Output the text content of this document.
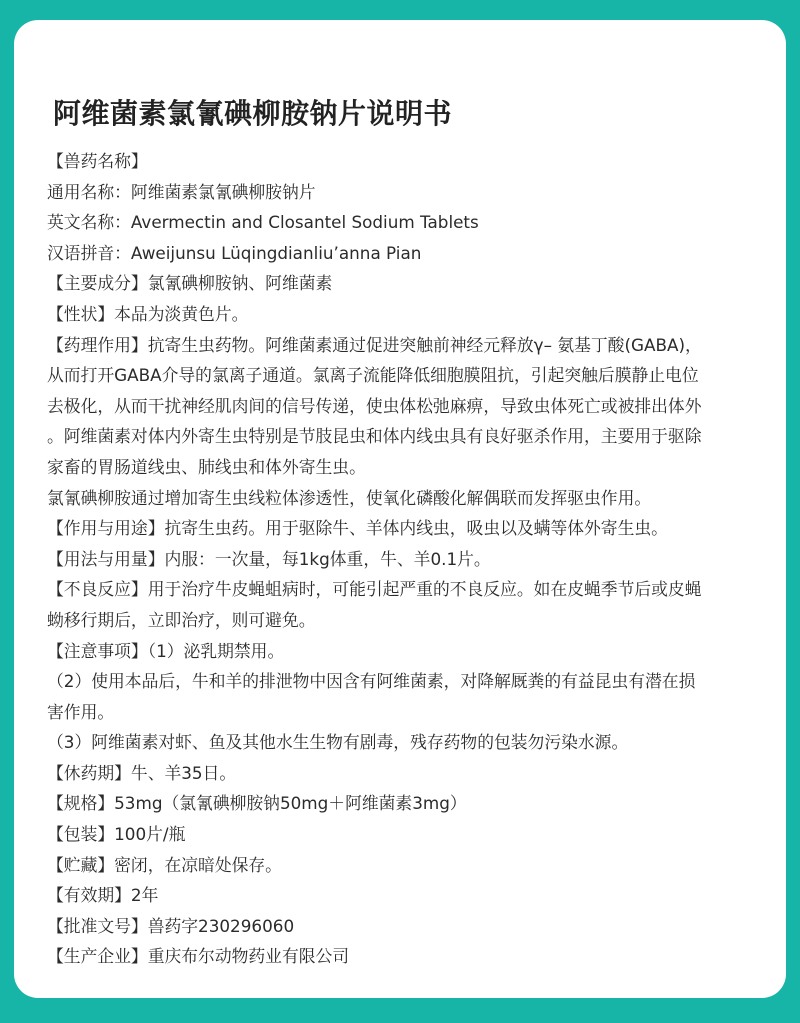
阿维菌素氯氰碘柳胺钠片说明书
【兽药名称】
通用名称：阿维菌素氯氰碘柳胺钠片
英文名称：Avermectin and Closantel Sodium Tablets
汉语拼音：Aweijunsu Lüqingdianliu’anna Pian
【主要成分】氯氰碘柳胺钠、阿维菌素
【性状】本品为淡黄色片。
【药理作用】抗寄生虫药物。阿维菌素通过促进突触前神经元释放γ– 氨基丁酸(GABA)，
从而打开GABA介导的氯离子通道。氯离子流能降低细胞膜阻抗，引起突触后膜静止电位
去极化，从而干扰神经肌肉间的信号传递，使虫体松弛麻痹，导致虫体死亡或被排出体外
。阿维菌素对体内外寄生虫特别是节肢昆虫和体内线虫具有良好驱杀作用，主要用于驱除
家畜的胃肠道线虫、肺线虫和体外寄生虫。
氯氰碘柳胺通过增加寄生虫线粒体渗透性，使氧化磷酸化解偶联而发挥驱虫作用。
【作用与用途】抗寄生虫药。用于驱除牛、羊体内线虫，吸虫以及螨等体外寄生虫。
【用法与用量】内服：一次量，每1kg体重，牛、羊0.1片。
【不良反应】用于治疗牛皮蝇蛆病时，可能引起严重的不良反应。如在皮蝇季节后或皮蝇
蚴移行期后，立即治疗，则可避免。
【注意事项】（1）泌乳期禁用。
（2）使用本品后，牛和羊的排泄物中因含有阿维菌素，对降解厩粪的有益昆虫有潜在损
害作用。
（3）阿维菌素对虾、鱼及其他水生生物有剧毒，残存药物的包装勿污染水源。
【休药期】牛、羊35日。
【规格】53mg（氯氰碘柳胺钠50mg＋阿维菌素3mg）
【包装】100片/瓶
【贮藏】密闭，在凉暗处保存。
【有效期】2年
【批准文号】兽药字230296060
【生产企业】重庆布尔动物药业有限公司
